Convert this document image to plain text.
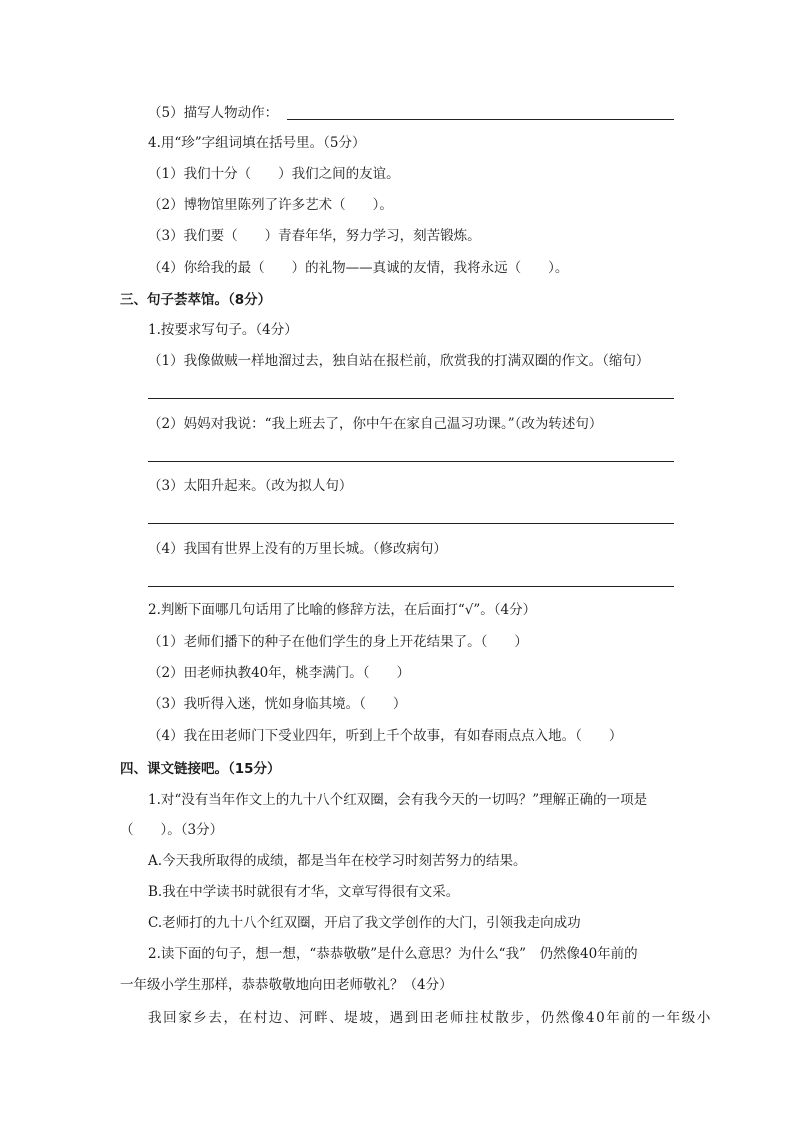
（5）描写人物动作：
4.用“珍”字组词填在括号里。（5分）
（1）我们十分（　　）我们之间的友谊。
（2）博物馆里陈列了许多艺术（　　）。
（3）我们要（　　）青春年华，努力学习，刻苦锻炼。
（4）你给我的最（　　）的礼物——真诚的友情，我将永远（　　）。
三、句子荟萃馆。（8分）
1.按要求写句子。（4分）
（1）我像做贼一样地溜过去，独自站在报栏前，欣赏我的打满双圈的作文。（缩句）
（2）妈妈对我说：“我上班去了，你中午在家自己温习功课。”（改为转述句）
（3）太阳升起来。（改为拟人句）
（4）我国有世界上没有的万里长城。（修改病句）
2.判断下面哪几句话用了比喻的修辞方法，在后面打“√”。（4分）
（1）老师们播下的种子在他们学生的身上开花结果了。（　　）
（2）田老师执教40年，桃李满门。（　　）
（3）我听得入迷，恍如身临其境。（　　）
（4）我在田老师门下受业四年，听到上千个故事，有如春雨点点入地。（　　）
四、课文链接吧。（15分）
1.对“没有当年作文上的九十八个红双圈，会有我今天的一切吗？”理解正确的一项是
（　　）。（3分）
A.今天我所取得的成绩，都是当年在校学习时刻苦努力的结果。
B.我在中学读书时就很有才华，文章写得很有文采。
C.老师打的九十八个红双圈，开启了我文学创作的大门，引领我走向成功
2.读下面的句子，想一想，“恭恭敬敬”是什么意思？为什么“我”　仍然像40年前的
一年级小学生那样，恭恭敬敬地向田老师敬礼？（4分）
我回家乡去，在村边、河畔、堤坡，遇到田老师拄杖散步，仍然像40年前的一年级小
